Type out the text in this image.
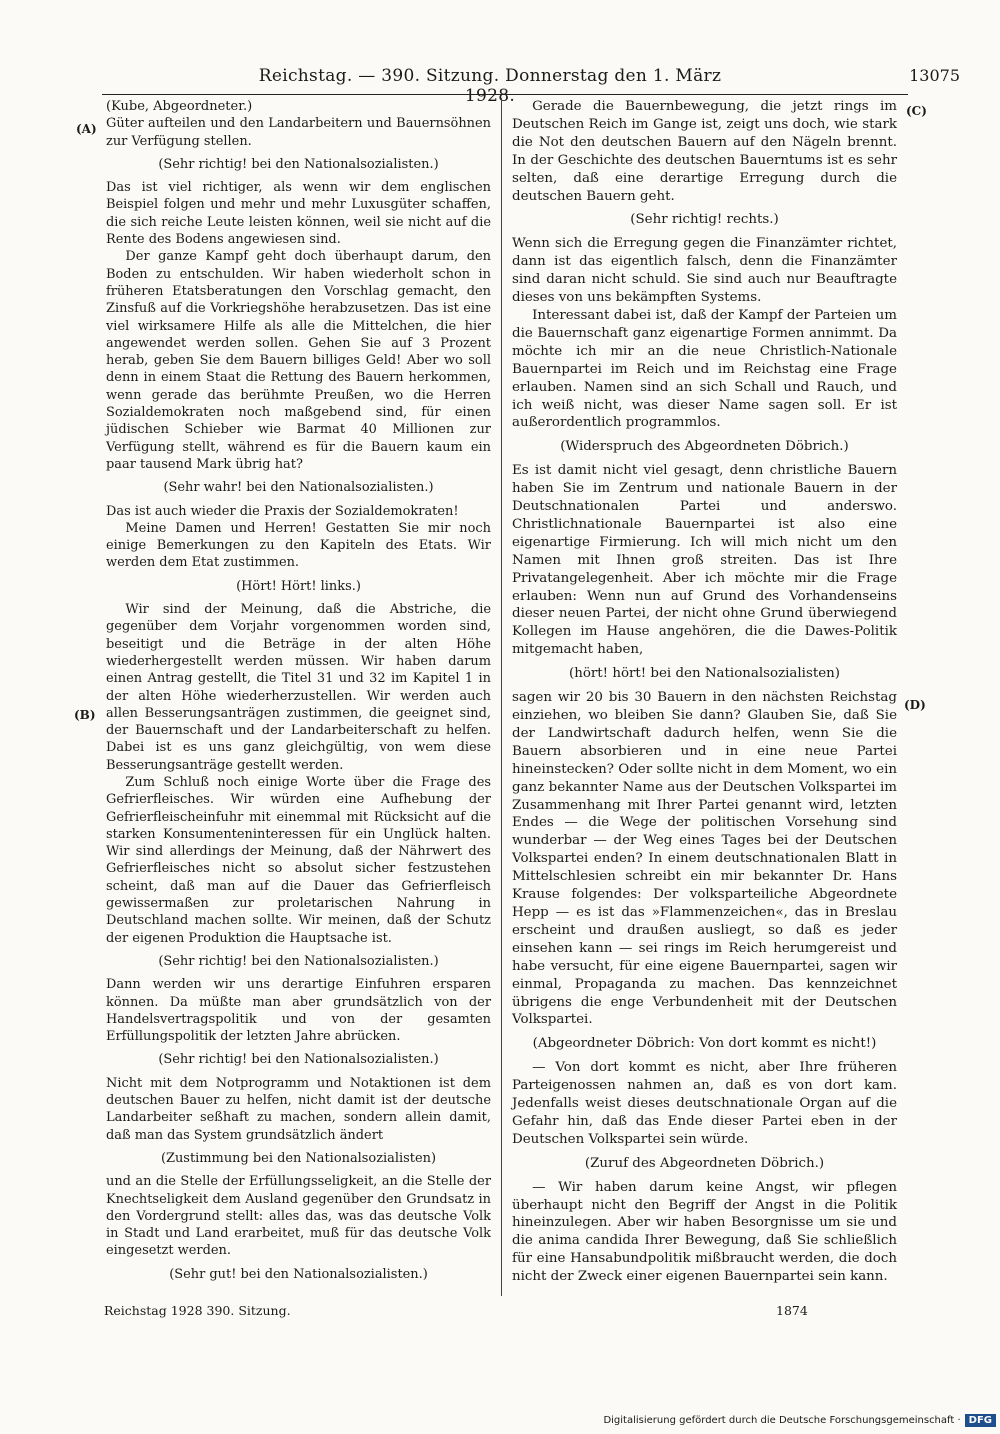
Reichstag. — 390. Sitzung. Donnerstag den 1. März 1928.
13075
(A)
(B)
(C)
(D)

(Kube, Abgeordneter.)

Güter aufteilen und den Landarbeitern und Bauernsöhnen zur Verfügung stellen.

(Sehr richtig! bei den Nationalsozialisten.)

Das ist viel richtiger, als wenn wir dem englischen Beispiel folgen und mehr und mehr Luxusgüter schaffen, die sich reiche Leute leisten können, weil sie nicht auf die Rente des Bodens angewiesen sind.

Der ganze Kampf geht doch überhaupt darum, den Boden zu entschulden. Wir haben wiederholt schon in früheren Etatsberatungen den Vorschlag gemacht, den Zinsfuß auf die Vorkriegshöhe herabzusetzen. Das ist eine viel wirksamere Hilfe als alle die Mittelchen, die hier angewendet werden sollen. Gehen Sie auf 3 Prozent herab, geben Sie dem Bauern billiges Geld! Aber wo soll denn in einem Staat die Rettung des Bauern herkommen, wenn gerade das berühmte Preußen, wo die Herren Sozialdemokraten noch maßgebend sind, für einen jüdischen Schieber wie Barmat 40 Millionen zur Verfügung stellt, während es für die Bauern kaum ein paar tausend Mark übrig hat?

(Sehr wahr! bei den Nationalsozialisten.)

Das ist auch wieder die Praxis der Sozialdemokraten!

Meine Damen und Herren! Gestatten Sie mir noch einige Bemerkungen zu den Kapiteln des Etats. Wir werden dem Etat zustimmen.

(Hört! Hört! links.)

Wir sind der Meinung, daß die Abstriche, die gegenüber dem Vorjahr vorgenommen worden sind, beseitigt und die Beträge in der alten Höhe wiederhergestellt werden müssen. Wir haben darum einen Antrag gestellt, die Titel 31 und 32 im Kapitel 1 in der alten Höhe wiederherzustellen. Wir werden auch allen Besserungsanträgen zustimmen, die geeignet sind, der Bauernschaft und der Landarbeiterschaft zu helfen. Dabei ist es uns ganz gleichgültig, von wem diese Besserungsanträge gestellt werden.

Zum Schluß noch einige Worte über die Frage des Gefrierfleisches. Wir würden eine Aufhebung der Gefrierfleischeinfuhr mit einemmal mit Rücksicht auf die starken Konsumenteninteressen für ein Unglück halten. Wir sind allerdings der Meinung, daß der Nährwert des Gefrierfleisches nicht so absolut sicher festzustehen scheint, daß man auf die Dauer das Gefrierfleisch gewissermaßen zur proletarischen Nahrung in Deutschland machen sollte. Wir meinen, daß der Schutz der eigenen Produktion die Hauptsache ist.

(Sehr richtig! bei den Nationalsozialisten.)

Dann werden wir uns derartige Einfuhren ersparen können. Da müßte man aber grundsätzlich von der Handelsvertragspolitik und von der gesamten Erfüllungspolitik der letzten Jahre abrücken.

(Sehr richtig! bei den Nationalsozialisten.)

Nicht mit dem Notprogramm und Notaktionen ist dem deutschen Bauer zu helfen, nicht damit ist der deutsche Landarbeiter seßhaft zu machen, sondern allein damit, daß man das System grundsätzlich ändert

(Zustimmung bei den Nationalsozialisten)

und an die Stelle der Erfüllungsseligkeit, an die Stelle der Knechtseligkeit dem Ausland gegenüber den Grundsatz in den Vordergrund stellt: alles das, was das deutsche Volk in Stadt und Land erarbeitet, muß für das deutsche Volk eingesetzt werden.

(Sehr gut! bei den Nationalsozialisten.)

Gerade die Bauernbewegung, die jetzt rings im Deutschen Reich im Gange ist, zeigt uns doch, wie stark die Not den deutschen Bauern auf den Nägeln brennt. In der Geschichte des deutschen Bauerntums ist es sehr selten, daß eine derartige Erregung durch die deutschen Bauern geht.

(Sehr richtig! rechts.)

Wenn sich die Erregung gegen die Finanzämter richtet, dann ist das eigentlich falsch, denn die Finanzämter sind daran nicht schuld. Sie sind auch nur Beauftragte dieses von uns bekämpften Systems.

Interessant dabei ist, daß der Kampf der Parteien um die Bauernschaft ganz eigenartige Formen annimmt. Da möchte ich mir an die neue Christlich-Nationale Bauernpartei im Reich und im Reichstag eine Frage erlauben. Namen sind an sich Schall und Rauch, und ich weiß nicht, was dieser Name sagen soll. Er ist außerordentlich programmlos.

(Widerspruch des Abgeordneten Döbrich.)

Es ist damit nicht viel gesagt, denn christliche Bauern haben Sie im Zentrum und nationale Bauern in der Deutschnationalen Partei und anderswo. Christlichnationale Bauernpartei ist also eine eigenartige Firmierung. Ich will mich nicht um den Namen mit Ihnen groß streiten. Das ist Ihre Privatangelegenheit. Aber ich möchte mir die Frage erlauben: Wenn nun auf Grund des Vorhandenseins dieser neuen Partei, der nicht ohne Grund überwiegend Kollegen im Hause angehören, die die Dawes-Politik mitgemacht haben,

(hört! hört! bei den Nationalsozialisten)

sagen wir 20 bis 30 Bauern in den nächsten Reichstag einziehen, wo bleiben Sie dann? Glauben Sie, daß Sie der Landwirtschaft dadurch helfen, wenn Sie die Bauern absorbieren und in eine neue Partei hineinstecken? Oder sollte nicht in dem Moment, wo ein ganz bekannter Name aus der Deutschen Volkspartei im Zusammenhang mit Ihrer Partei genannt wird, letzten Endes — die Wege der politischen Vorsehung sind wunderbar — der Weg eines Tages bei der Deutschen Volkspartei enden? In einem deutschnationalen Blatt in Mittelschlesien schreibt ein mir bekannter Dr. Hans Krause folgendes: Der volksparteiliche Abgeordnete Hepp — es ist das »Flammenzeichen«, das in Breslau erscheint und draußen ausliegt, so daß es jeder einsehen kann — sei rings im Reich herumgereist und habe versucht, für eine eigene Bauernpartei, sagen wir einmal, Propaganda zu machen. Das kennzeichnet übrigens die enge Verbundenheit mit der Deutschen Volkspartei.

(Abgeordneter Döbrich: Von dort kommt es nicht!)

— Von dort kommt es nicht, aber Ihre früheren Parteigenossen nahmen an, daß es von dort kam. Jedenfalls weist dieses deutschnationale Organ auf die Gefahr hin, daß das Ende dieser Partei eben in der Deutschen Volkspartei sein würde.

(Zuruf des Abgeordneten Döbrich.)

— Wir haben darum keine Angst, wir pflegen überhaupt nicht den Begriff der Angst in die Politik hineinzulegen. Aber wir haben Besorgnisse um sie und die anima candida Ihrer Bewegung, daß Sie schließlich für eine Hansabundpolitik mißbraucht werden, die doch nicht der Zweck einer eigenen Bauernpartei sein kann.

Reichstag 1928 390. Sitzung.	1874
Digitalisierung gefördert durch die Deutsche Forschungsgemeinschaft · DFG
